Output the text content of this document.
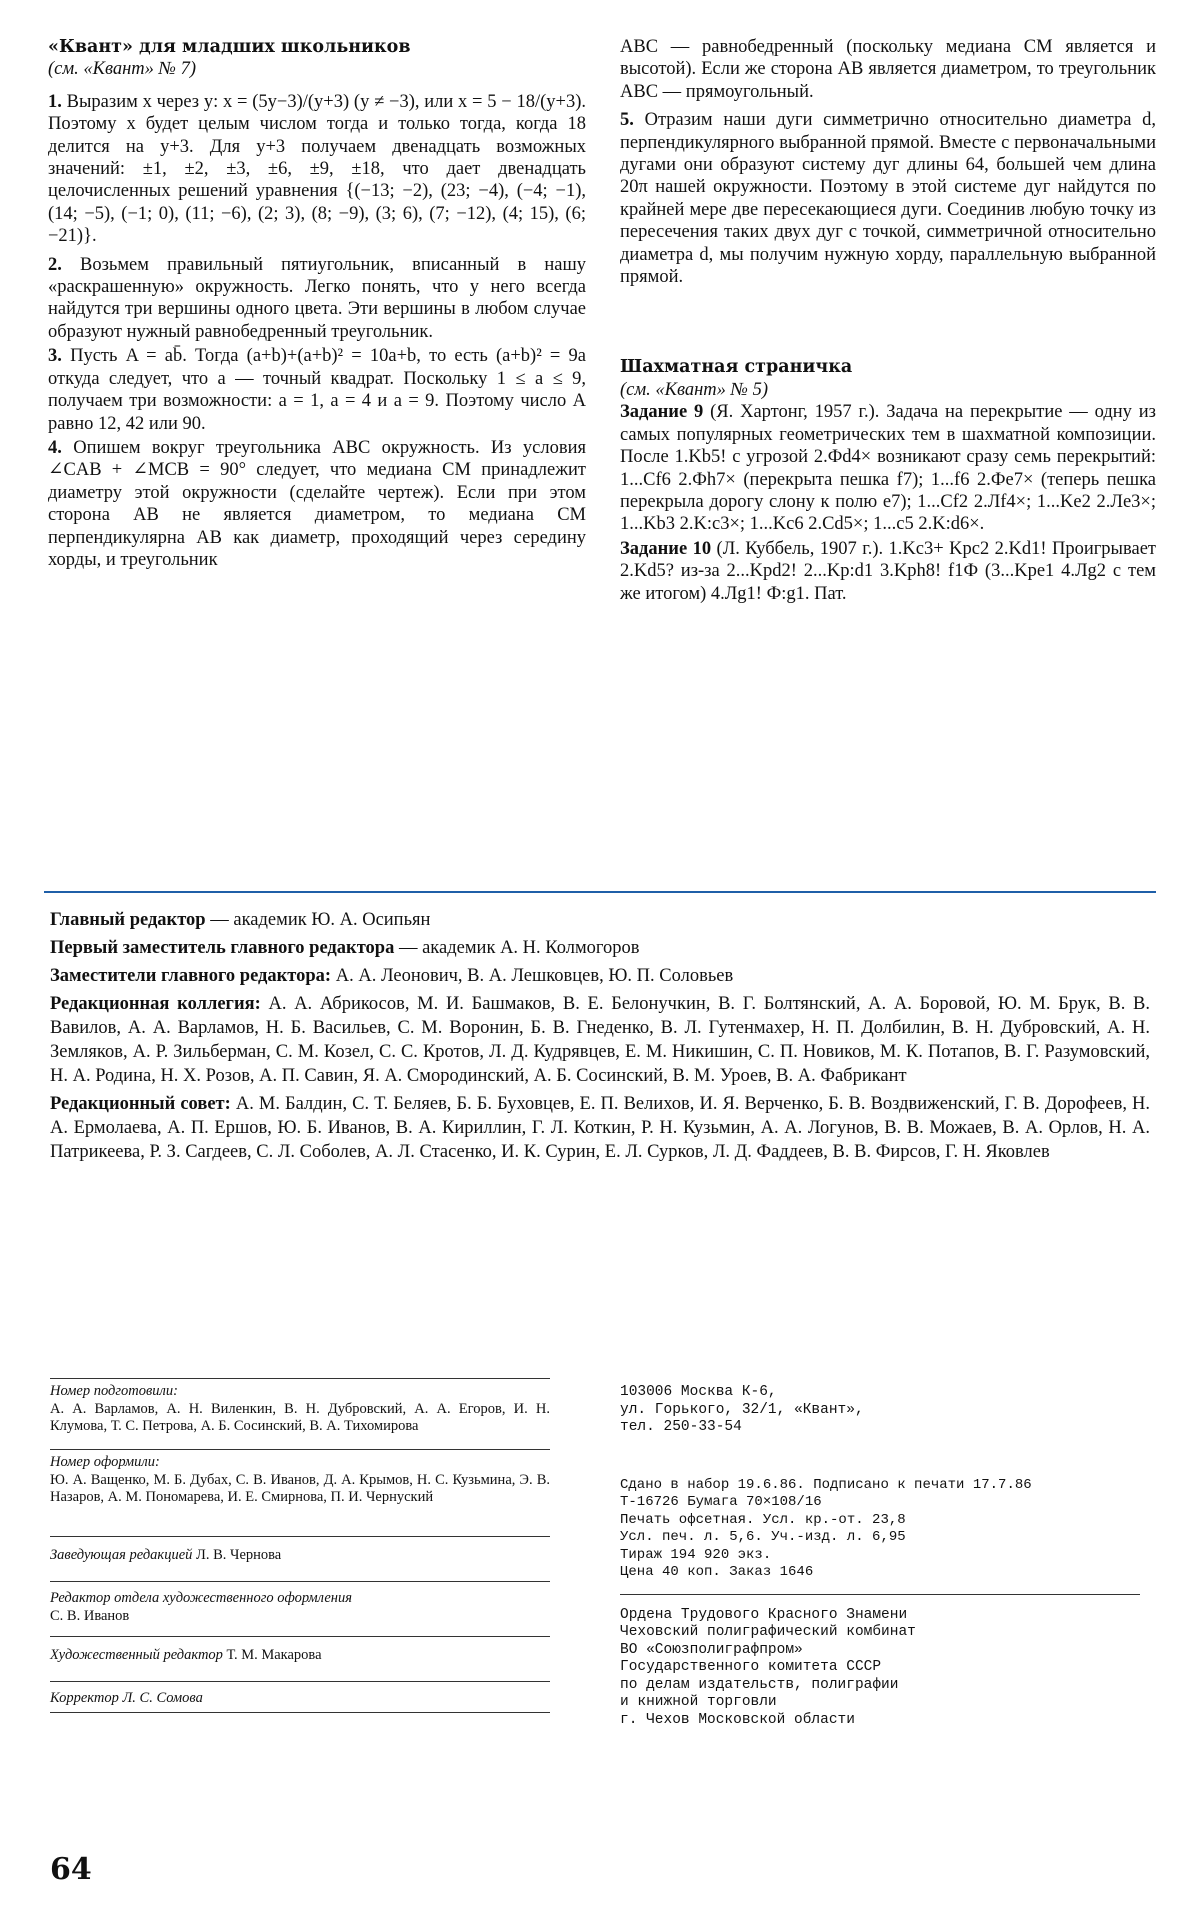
«Квант» для младших школьников
(см. «Квант» № 7)

1. Выразим x через y: x = (5y−3)/(y+3) (y ≠ −3), или x = 5 − 18/(y+3). Поэтому x будет целым числом тогда и только тогда, когда 18 делится на y+3. Для y+3 получаем двенадцать возможных значений: ±1, ±2, ±3, ±6, ±9, ±18, что дает двенадцать целочисленных решений уравнения {(−13; −2), (23; −4), (−4; −1), (14; −5), (−1; 0), (11; −6), (2; 3), (8; −9), (3; 6), (7; −12), (4; 15), (6; −21)}.

2. Возьмем правильный пятиугольник, вписанный в нашу «раскрашенную» окружность. Легко понять, что у него всегда найдутся три вершины одного цвета. Эти вершины в любом случае образуют нужный равнобедренный треугольник.

3. Пусть A = ab̄. Тогда (a+b)+(a+b)² = 10a+b, то есть (a+b)² = 9a откуда следует, что a — точный квадрат. Поскольку 1 ≤ a ≤ 9, получаем три возможности: a = 1, a = 4 и a = 9. Поэтому число A равно 12, 42 или 90.

4. Опишем вокруг треугольника ABC окружность. Из условия ∠CAB + ∠MCB = 90° следует, что медиана CM принадлежит диаметру этой окружности (сделайте чертеж). Если при этом сторона AB не является диаметром, то медиана CM перпендикулярна AB как диаметр, проходящий через середину хорды, и треугольник

ABC — равнобедренный (поскольку медиана CM является и высотой). Если же сторона AB является диаметром, то треугольник ABC — прямоугольный.

5. Отразим наши дуги симметрично относительно диаметра d, перпендикулярного выбранной прямой. Вместе с первоначальными дугами они образуют систему дуг длины 64, большей чем длина 20π нашей окружности. Поэтому в этой системе дуг найдутся по крайней мере две пересекающиеся дуги. Соединив любую точку из пересечения таких двух дуг с точкой, симметричной относительно диаметра d, мы получим нужную хорду, параллельную выбранной прямой.

Шахматная страничка
(см. «Квант» № 5)

Задание 9 (Я. Хартонг, 1957 г.). Задача на перекрытие — одну из самых популярных геометрических тем в шахматной композиции. После 1.Kb5! с угрозой 2.Фd4× возникают сразу семь перекрытий: 1...Cf6 2.Фh7× (перекрыта пешка f7); 1...f6 2.Фe7× (теперь пешка перекрыла дорогу слону к полю e7); 1...Cf2 2.Лf4×; 1...Ke2 2.Лe3×; 1...Kb3 2.K:c3×; 1...Kc6 2.Cd5×; 1...c5 2.K:d6×.

Задание 10 (Л. Куббель, 1907 г.). 1.Kc3+ Kpc2 2.Kd1! Проигрывает 2.Kd5? из-за 2...Kpd2! 2...Kp:d1 3.Kph8! f1Ф (3...Kpe1 4.Лg2 с тем же итогом) 4.Лg1! Ф:g1. Пат.

Главный редактор — академик Ю. А. Осипьян

Первый заместитель главного редактора — академик А. Н. Колмогоров

Заместители главного редактора: А. А. Леонович, В. А. Лешковцев, Ю. П. Соловьев

Редакционная коллегия: А. А. Абрикосов, М. И. Башмаков, В. Е. Белонучкин, В. Г. Болтянский, А. А. Боровой, Ю. М. Брук, В. В. Вавилов, А. А. Варламов, Н. Б. Васильев, С. М. Воронин, Б. В. Гнеденко, В. Л. Гутенмахер, Н. П. Долбилин, В. Н. Дубровский, А. Н. Земляков, А. Р. Зильберман, С. М. Козел, С. С. Кротов, Л. Д. Кудрявцев, Е. М. Никишин, С. П. Новиков, М. К. Потапов, В. Г. Разумовский, Н. А. Родина, Н. Х. Розов, А. П. Савин, Я. А. Смородинский, А. Б. Сосинский, В. М. Уроев, В. А. Фабрикант

Редакционный совет: А. М. Балдин, С. Т. Беляев, Б. Б. Буховцев, Е. П. Велихов, И. Я. Верченко, Б. В. Воздвиженский, Г. В. Дорофеев, Н. А. Ермолаева, А. П. Ершов, Ю. Б. Иванов, В. А. Кириллин, Г. Л. Коткин, Р. Н. Кузьмин, А. А. Логунов, В. В. Можаев, В. А. Орлов, Н. А. Патрикеева, Р. З. Сагдеев, С. Л. Соболев, А. Л. Стасенко, И. К. Сурин, Е. Л. Сурков, Л. Д. Фаддеев, В. В. Фирсов, Г. Н. Яковлев

Номер подготовили:
А. А. Варламов, А. Н. Виленкин, В. Н. Дубровский, А. А. Егоров, И. Н. Клумова, Т. С. Петрова, А. Б. Сосинский, В. А. Тихомирова
Номер оформили:
Ю. А. Ващенко, М. Б. Дубах, С. В. Иванов, Д. А. Крымов, Н. С. Кузьмина, Э. В. Назаров, А. М. Пономарева, И. Е. Смирнова, П. И. Чернуский
Заведующая редакцией Л. В. Чернова
Редактор отдела художественного оформления
С. В. Иванов
Художественный редактор Т. М. Макарова
Корректор Л. С. Сомова
103006 Москва К-6,
ул. Горького, 32/1, «Квант»,
тел. 250-33-54
Сдано в набор 19.6.86. Подписано к печати 17.7.86
Т-16726 Бумага 70×108/16
Печать офсетная. Усл. кр.-от. 23,8
Усл. печ. л. 5,6. Уч.-изд. л. 6,95
Тираж 194 920 экз.
Цена 40 коп. Заказ 1646
Ордена Трудового Красного Знамени
Чеховский полиграфический комбинат
ВО «Союзполиграфпром»
Государственного комитета СССР
по делам издательств, полиграфии
и книжной торговли
г. Чехов Московской области
64
